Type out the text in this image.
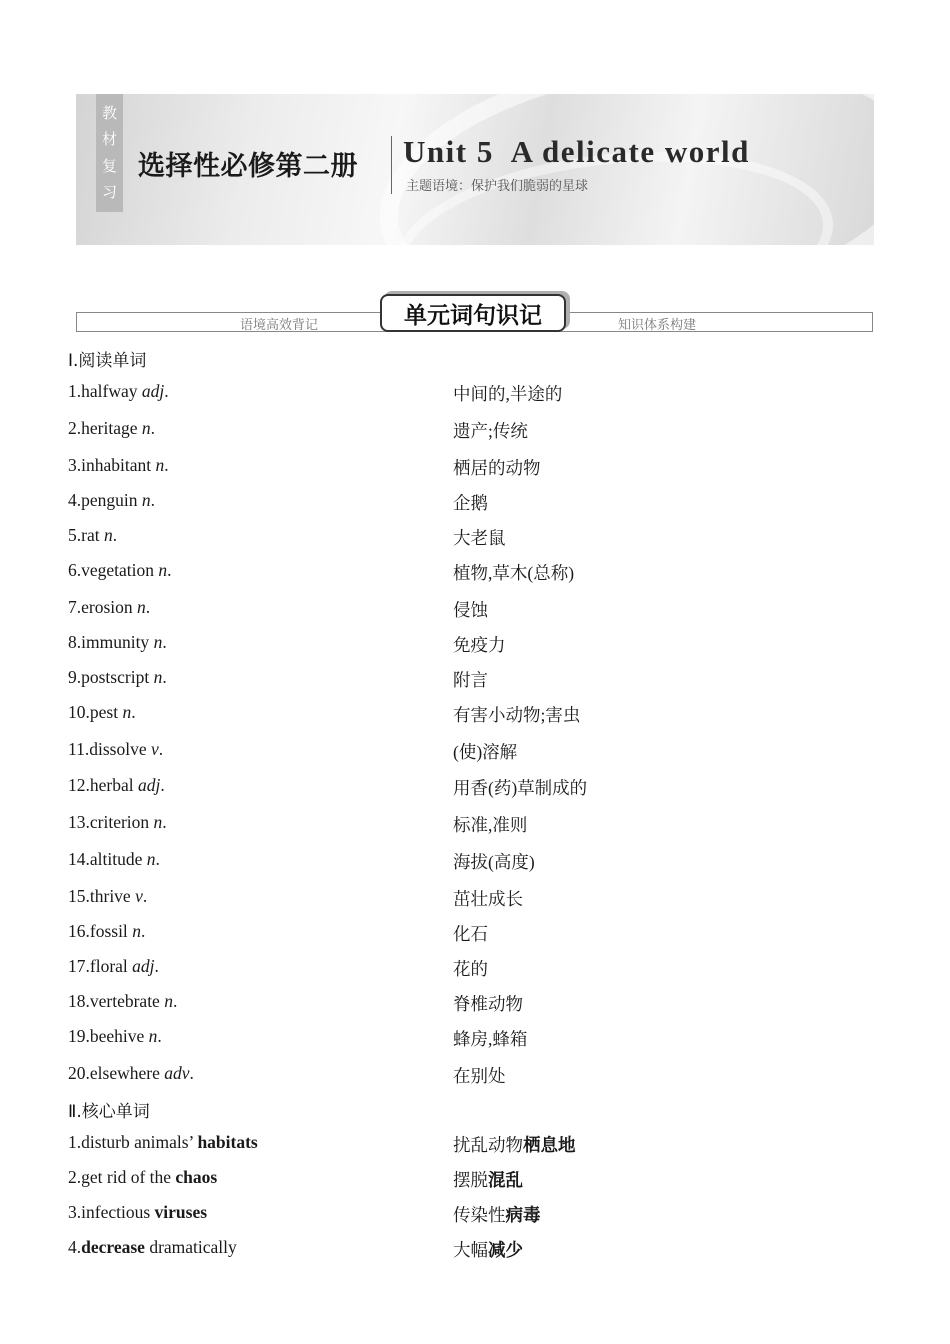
教
材
复
习
选择性必修第二册 Unit 5  A delicate world
主题语境：保护我们脆弱的星球
语境高效背记	知识体系构建
单元词句识记
Ⅰ.阅读单词
1.halfway adj.	中间的,半途的
2.heritage n.	遗产;传统
3.inhabitant n.	栖居的动物
4.penguin n.	企鹅
5.rat n.	大老鼠
6.vegetation n.	植物,草木(总称)
7.erosion n.	侵蚀
8.immunity n.	免疫力
9.postscript n.	附言
10.pest n.	有害小动物;害虫
11.dissolve v.	(使)溶解
12.herbal adj.	用香(药)草制成的
13.criterion n.	标准,准则
14.altitude n.	海拔(高度)
15.thrive v.	茁壮成长
16.fossil n.	化石
17.floral adj.	花的
18.vertebrate n.	脊椎动物
19.beehive n.	蜂房,蜂箱
20.elsewhere adv.	在别处
Ⅱ.核心单词
1.disturb animals’ habitats	扰乱动物栖息地
2.get rid of the chaos	摆脱混乱
3.infectious viruses	传染性病毒
4.decrease dramatically	大幅减少
